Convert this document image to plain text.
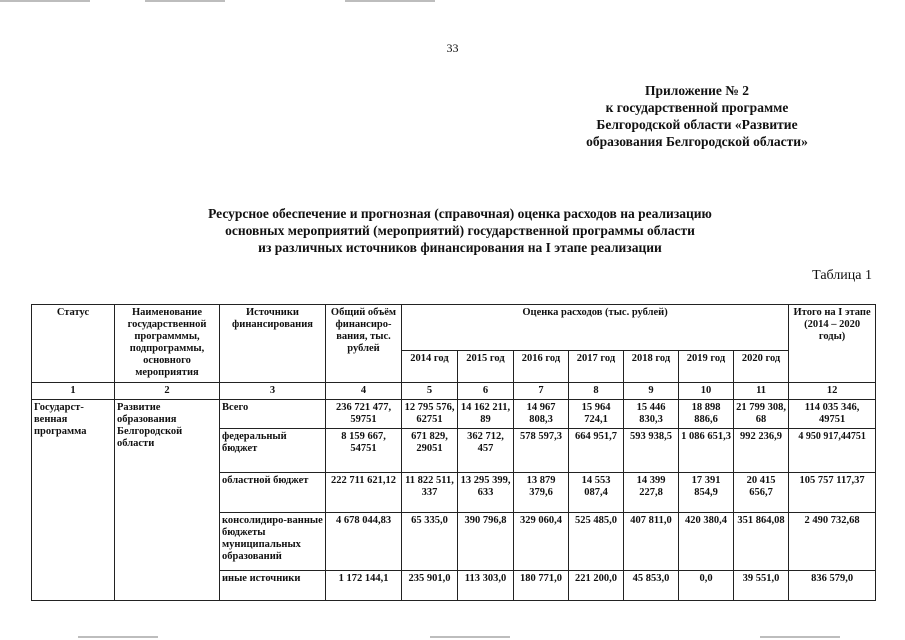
33
Приложение № 2
к государственной программе
Белгородской области «Развитие
образования Белгородской области»
Ресурсное обеспечение и прогнозная (справочная) оценка расходов на реализацию
основных мероприятий (мероприятий) государственной программы области
из различных источников финансирования на I этапе реализации
Таблица 1
Статус	Наименование государственной программмы, подпрограммы, основного мероприятия	Источники финансирования	Общий объём финансиро-вания, тыс. рублей	Оценка расходов (тыс. рублей)							Итого на I этапе (2014 – 2020 годы)
				2014 год	2015 год	2016 год	2017 год	2018 год	2019 год	2020 год	
1	2	3	4	5	6	7	8	9	10	11	12
Государст-венная программа	Развитие образования Белгородской области	Всего	236 721 477, 59751	12 795 576, 62751	14 162 211, 89	14 967 808,3	15 964 724,1	15 446 830,3	18 898 886,6	21 799 308, 68	114 035 346, 49751
		федеральный бюджет	8 159 667, 54751	671 829, 29051	362 712, 457	578 597,3	664 951,7	593 938,5	1 086 651,3	992 236,9	4 950 917,44751
		областной бюджет	222 711 621,12	11 822 511, 337	13 295 399, 633	13 879 379,6	14 553 087,4	14 399 227,8	17 391 854,9	20 415 656,7	105 757 117,37
		консолидиро-ванные бюджеты муниципальных образований	4 678 044,83	65 335,0	390 796,8	329 060,4	525 485,0	407 811,0	420 380,4	351 864,08	2 490 732,68
		иные источники	1 172 144,1	235 901,0	113 303,0	180 771,0	221 200,0	45 853,0	0,0	39 551,0	836 579,0
